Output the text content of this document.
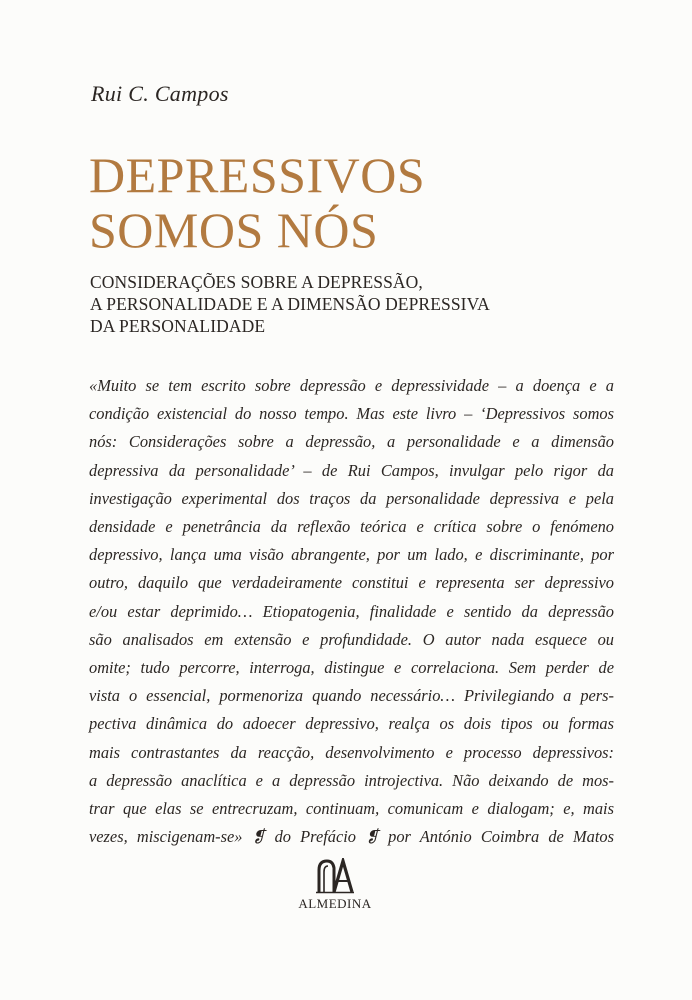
Rui C. Campos
DEPRESSIVOS
SOMOS NÓS
CONSIDERAÇÕES SOBRE A DEPRESSÃO,
A PERSONALIDADE E A DIMENSÃO DEPRESSIVA
DA PERSONALIDADE
«Muito se tem escrito sobre depressão e depressividade – a doença e a
condição existencial do nosso tempo. Mas este livro – ‘Depressivos somos
nós: Considerações sobre a depressão, a personalidade e a dimensão
depressiva da personalidade’ – de Rui Campos, invulgar pelo rigor da
investigação experimental dos traços da personalidade depressiva e pela
densidade e penetrância da reflexão teórica e crítica sobre o fenómeno
depressivo, lança uma visão abrangente, por um lado, e discriminante, por
outro, daquilo que verdadeiramente constitui e representa ser depressivo
e/ou estar deprimido… Etiopatogenia, finalidade e sentido da depressão
são analisados em extensão e profundidade. O autor nada esquece ou
omite; tudo percorre, interroga, distingue e correlaciona. Sem perder de
vista o essencial, pormenoriza quando necessário… Privilegiando a pers-
pectiva dinâmica do adoecer depressivo, realça os dois tipos ou formas
mais contrastantes da reacção, desenvolvimento e processo depressivos:
a depressão anaclítica e a depressão introjectiva. Não deixando de mos-
trar que elas se entrecruzam, continuam, comunicam e dialogam; e, mais
vezes, miscigenam-se» ❡ do Prefácio ❡ por António Coimbra de Matos
ALMEDINA
